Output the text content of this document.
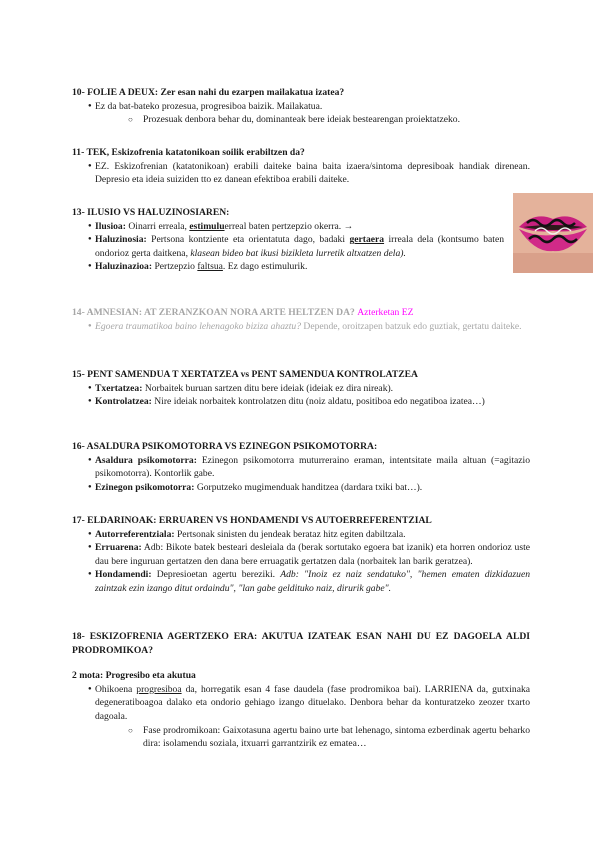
10- FOLIE A DEUX: Zer esan nahi du ezarpen mailakatua izatea?

● Ez da bat-bateko prozesua, progresiboa baizik. Mailakatua.
○ Prozesuak denbora behar du, dominanteak bere ideiak bestearengan proiektatzeko.

11- TEK, Eskizofrenia katatonikoan soilik erabiltzen da?

● EZ. Eskizofrenian (katatonikoan) erabili daiteke baina baita izaera/sintoma depresiboak handiak direnean. Depresio eta ideia suiziden tto ez danean efektiboa erabili daiteke.

13- ILUSIO VS HALUZINOSIAREN:

● Ilusioa: Oinarri erreala, estimuluerreal baten pertzepzio okerra. →
● Haluzinosia: Pertsona kontziente eta orientatuta dago, badaki gertaera irreala dela (kontsumo baten ondorioz gerta daitkena, klasean bideo bat ikusi bizikleta lurretik altxatzen dela).
● Haluzinazioa: Pertzepzio faltsua. Ez dago estimulurik.

14- AMNESIAN: AT ZERANZKOAN NORA ARTE HELTZEN DA? Azterketan EZ

● Egoera traumatikoa baino lehenagoko biziza ahaztu? Depende, oroitzapen batzuk edo guztiak, gertatu daiteke.

15- PENT SAMENDUA T XERTATZEA vs PENT SAMENDUA KONTROLATZEA

● Txertatzea: Norbaitek buruan sartzen ditu bere ideiak (ideiak ez dira nireak).
● Kontrolatzea: Nire ideiak norbaitek kontrolatzen ditu (noiz aldatu, positiboa edo negatiboa izatea…)

16- ASALDURA PSIKOMOTORRA VS EZINEGON PSIKOMOTORRA:

● Asaldura psikomotorra: Ezinegon psikomotorra muturreraino eraman, intentsitate maila altuan (=agitazio psikomotorra). Kontorlik gabe.
● Ezinegon psikomotorra: Gorputzeko mugimenduak handitzea (dardara txiki bat…).

17- ELDARINOAK: ERRUAREN VS HONDAMENDI VS AUTOERREFERENTZIAL

● Autorreferentziala: Pertsonak sinisten du jendeak berataz hitz egiten dabiltzala.
● Erruarena: Adb: Bikote batek besteari desleiala da (berak sortutako egoera bat izanik) eta horren ondorioz uste dau bere inguruan gertatzen den dana bere erruagatik gertatzen dala (norbaitek lan barik geratzea).
● Hondamendi: Depresioetan agertu bereziki. Adb: "Inoiz ez naiz sendatuko", "hemen ematen dizkidazuen zaintzak ezin izango ditut ordaindu", "lan gabe geldituko naiz, dirurik gabe".

18- ESKIZOFRENIA AGERTZEKO ERA: AKUTUA IZATEAK ESAN NAHI DU EZ DAGOELA ALDI PRODROMIKOA?

2 mota: Progresibo eta akutua

● Ohikoena progresiboa da, horregatik esan 4 fase daudela (fase prodromikoa bai). LARRIENA da, gutxinaka degeneratiboagoa dalako eta ondorio gehiago izango dituelako. Denbora behar da konturatzeko zeozer txarto dagoala.
○ Fase prodromikoan: Gaixotasuna agertu baino urte bat lehenago, sintoma ezberdinak agertu beharko dira: isolamendu soziala, itxuarri garrantzirik ez ematea…
